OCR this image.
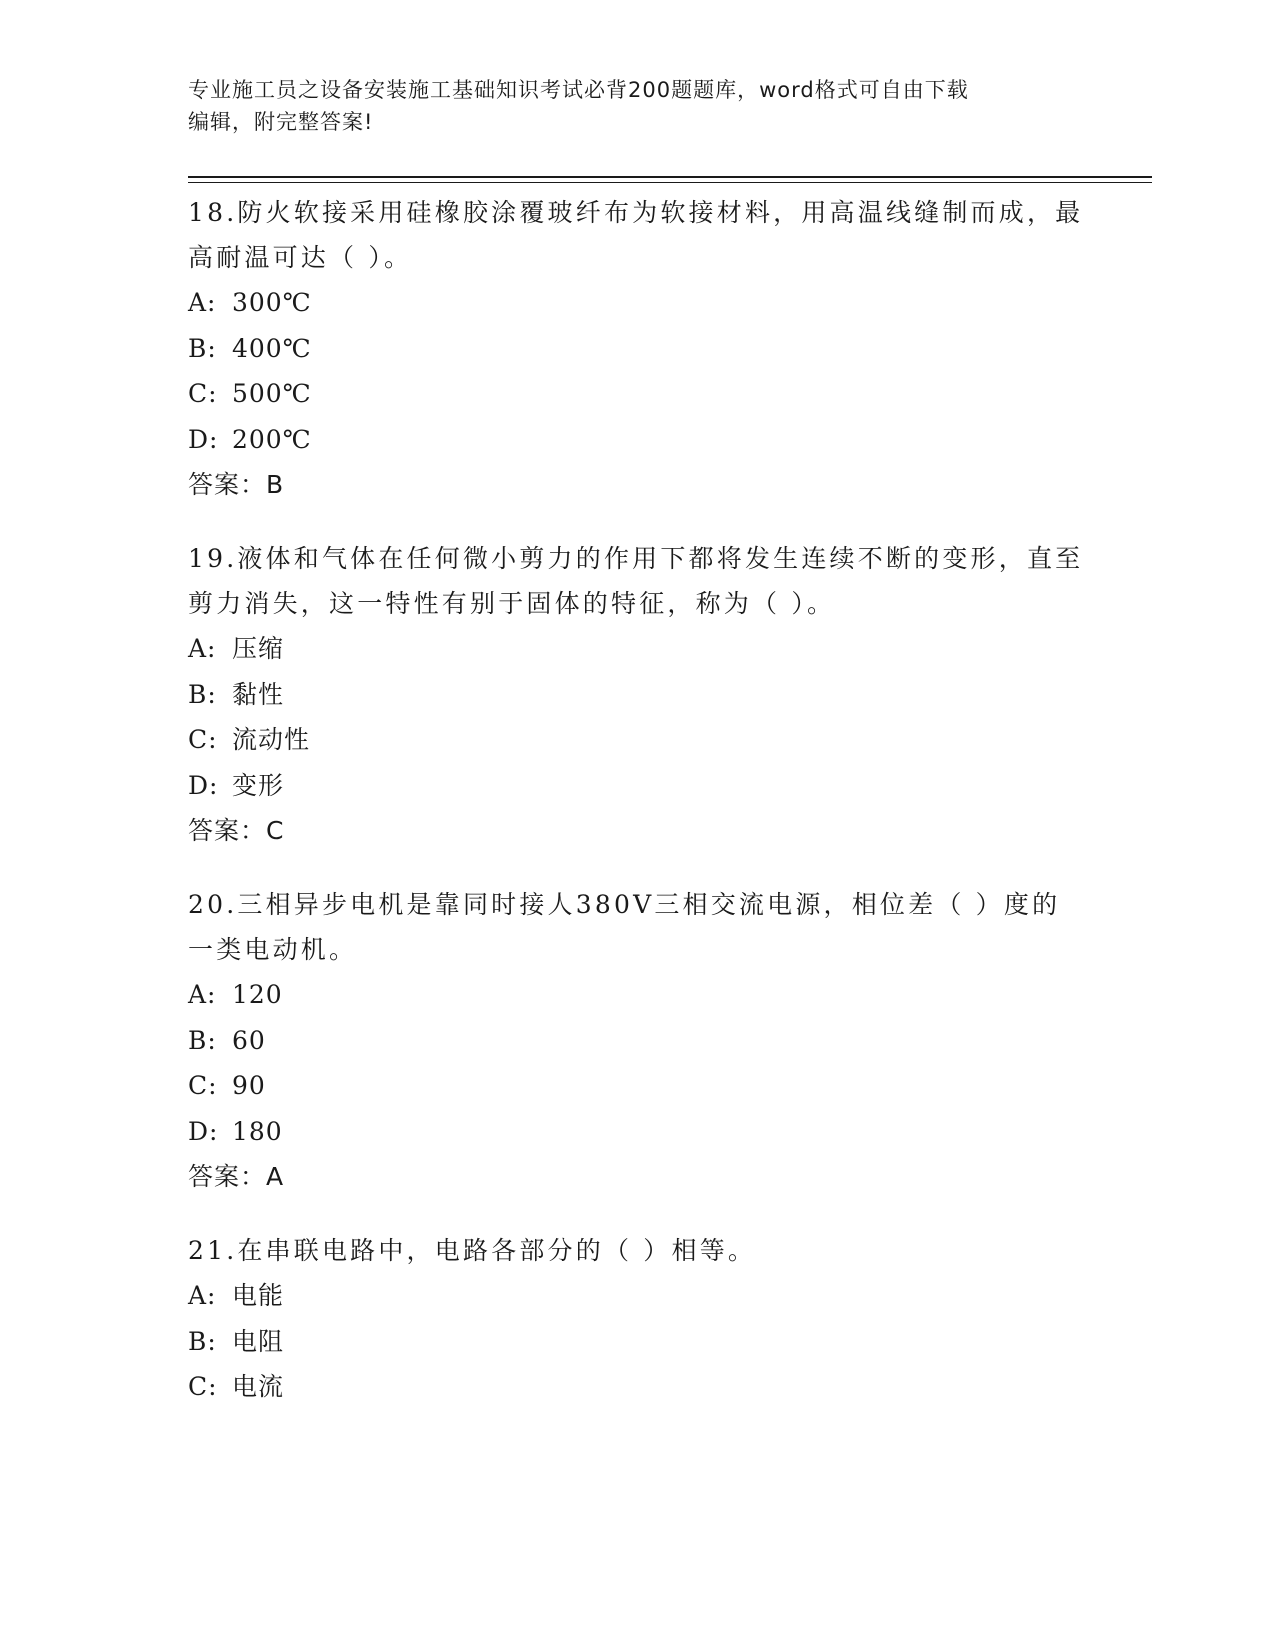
专业施工员之设备安装施工基础知识考试必背200题题库，word格式可自由下载
编辑，附完整答案!
18.防火软接采用硅橡胶涂覆玻纤布为软接材料，用高温线缝制而成，最高耐温可达（ ）。
A: 300℃
B: 400℃
C: 500℃
D: 200℃
答案：B
19.液体和气体在任何微小剪力的作用下都将发生连续不断的变形，直至剪力消失，这一特性有别于固体的特征，称为（ ）。
A: 压缩
B: 黏性
C: 流动性
D: 变形
答案：C
20.三相异步电机是靠同时接人380V三相交流电源，相位差（ ）度的一类电动机。
A: 120
B: 60
C: 90
D: 180
答案：A
21.在串联电路中，电路各部分的（ ）相等。
A: 电能
B: 电阻
C: 电流
